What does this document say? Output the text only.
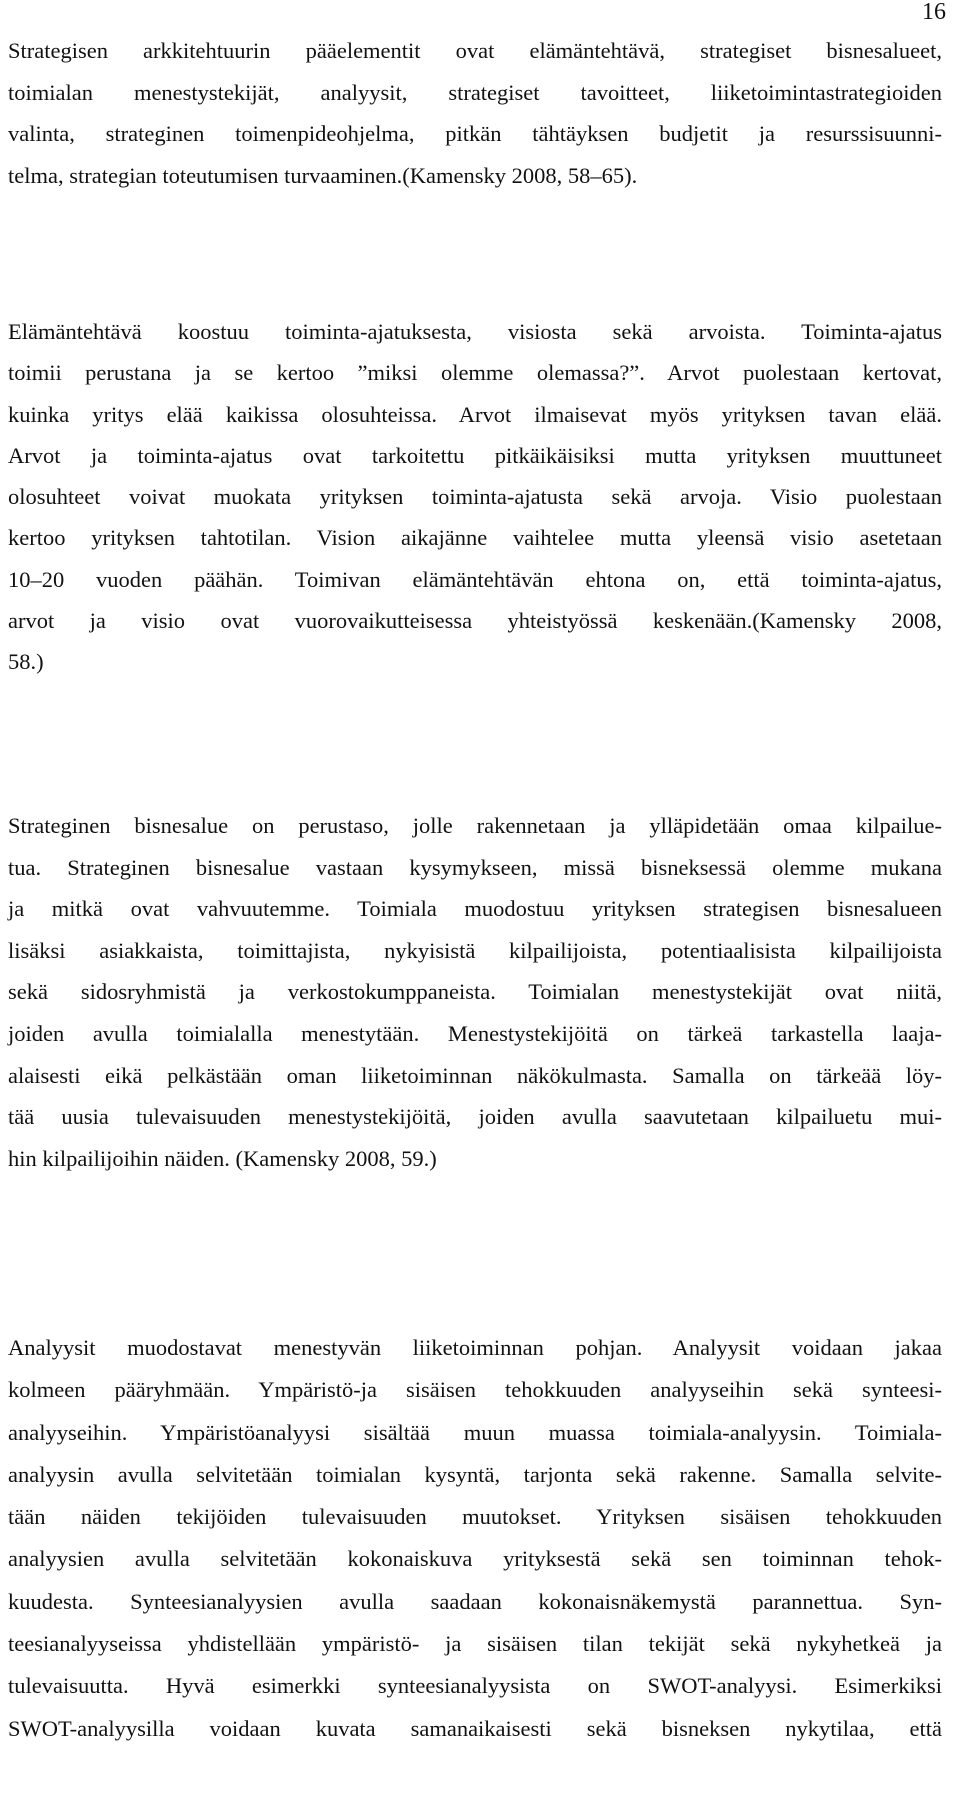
16
Strategisen arkkitehtuurin pääelementit ovat elämäntehtävä, strategiset bisnesalueet,
toimialan menestystekijät, analyysit, strategiset tavoitteet, liiketoimintastrategioiden
valinta, strateginen toimenpideohjelma, pitkän tähtäyksen budjetit ja resurssisuunni-
telma, strategian toteutumisen turvaaminen.(Kamensky 2008, 58–65).
Elämäntehtävä koostuu toiminta-ajatuksesta, visiosta sekä arvoista. Toiminta-ajatus
toimii perustana ja se kertoo ”miksi olemme olemassa?”. Arvot puolestaan kertovat,
kuinka yritys elää kaikissa olosuhteissa. Arvot ilmaisevat myös yrityksen tavan elää.
Arvot ja toiminta-ajatus ovat tarkoitettu pitkäikäisiksi mutta yrityksen muuttuneet
olosuhteet voivat muokata yrityksen toiminta-ajatusta sekä arvoja. Visio puolestaan
kertoo yrityksen tahtotilan. Vision aikajänne vaihtelee mutta yleensä visio asetetaan
10–20 vuoden päähän. Toimivan elämäntehtävän ehtona on, että toiminta-ajatus,
arvot ja visio ovat vuorovaikutteisessa yhteistyössä keskenään.(Kamensky 2008,
58.)
Strateginen bisnesalue on perustaso, jolle rakennetaan ja ylläpidetään omaa kilpailue-
tua. Strateginen bisnesalue vastaan kysymykseen, missä bisneksessä olemme mukana
ja mitkä ovat vahvuutemme. Toimiala muodostuu yrityksen strategisen bisnesalueen
lisäksi asiakkaista, toimittajista, nykyisistä kilpailijoista, potentiaalisista kilpailijoista
sekä sidosryhmistä ja verkostokumppaneista. Toimialan menestystekijät ovat niitä,
joiden avulla toimialalla menestytään. Menestystekijöitä on tärkeä tarkastella laaja-
alaisesti eikä pelkästään oman liiketoiminnan näkökulmasta. Samalla on tärkeää löy-
tää uusia tulevaisuuden menestystekijöitä, joiden avulla saavutetaan kilpailuetu mui-
hin kilpailijoihin näiden. (Kamensky 2008, 59.)
Analyysit muodostavat menestyvän liiketoiminnan pohjan. Analyysit voidaan jakaa
kolmeen pääryhmään. Ympäristö-ja sisäisen tehokkuuden analyyseihin sekä synteesi-
analyyseihin. Ympäristöanalyysi sisältää muun muassa toimiala-analyysin. Toimiala-
analyysin avulla selvitetään toimialan kysyntä, tarjonta sekä rakenne. Samalla selvite-
tään näiden tekijöiden tulevaisuuden muutokset. Yrityksen sisäisen tehokkuuden
analyysien avulla selvitetään kokonaiskuva yrityksestä sekä sen toiminnan tehok-
kuudesta. Synteesianalyysien avulla saadaan kokonaisnäkemystä parannettua. Syn-
teesianalyyseissa yhdistellään ympäristö- ja sisäisen tilan tekijät sekä nykyhetkeä ja
tulevaisuutta. Hyvä esimerkki synteesianalyysista on SWOT-analyysi. Esimerkiksi
SWOT-analyysilla voidaan kuvata samanaikaisesti sekä bisneksen nykytilaa, että
